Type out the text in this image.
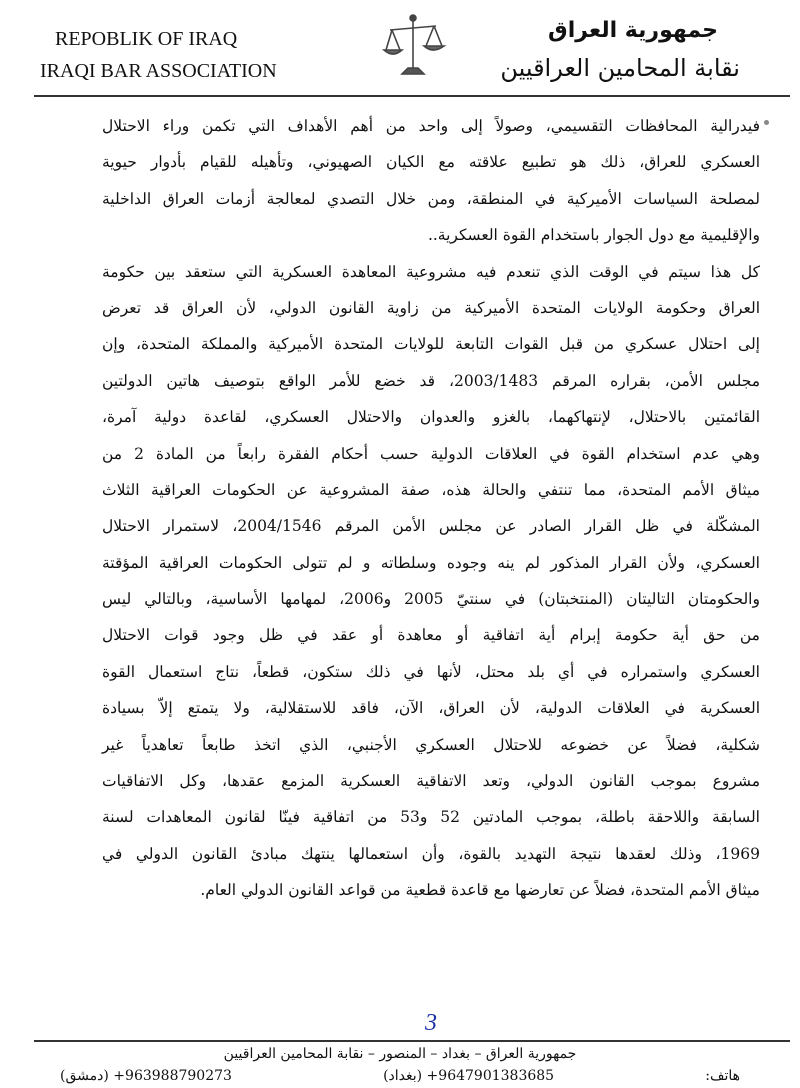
REPOBLIK OF IRAQ
IRAQI BAR ASSOCIATION
جمهورية العراق
نقابة المحامين العراقيين
فيدرالية المحافظات التقسيمي، وصولاً إلى واحد من أهم الأهداف التي تكمن وراء الاحتلال
العسكري للعراق، ذلك هو تطبيع علاقته مع الكيان الصهيوني، وتأهيله للقيام بأدوار حيوية
لمصلحة السياسات الأميركية في المنطقة، ومن خلال التصدي لمعالجة أزمات العراق الداخلية
والإقليمية مع دول الجوار باستخدام القوة العسكرية..
كل هذا سيتم في الوقت الذي تنعدم فيه مشروعية المعاهدة العسكرية التي ستعقد بين حكومة
العراق وحكومة الولايات المتحدة الأميركية من زاوية القانون الدولي، لأن العراق قد تعرض
إلى احتلال عسكري من قبل القوات التابعة للولايات المتحدة الأميركية والمملكة المتحدة، وإن
مجلس الأمن، بقراره المرقم 2003/1483، قد خضع للأمر الواقع بتوصيف هاتين الدولتين
القائمتين بالاحتلال، لإنتهاكهما، بالغزو والعدوان والاحتلال العسكري، لقاعدة دولية آمرة،
وهي عدم استخدام القوة في العلاقات الدولية حسب أحكام الفقرة رابعاً من المادة 2 من
ميثاق الأمم المتحدة، مما تنتفي والحالة هذه، صفة المشروعية عن الحكومات العراقية الثلاث
المشكّلة في ظل القرار الصادر عن مجلس الأمن المرقم 2004/1546، لاستمرار الاحتلال
العسكري، ولأن القرار المذكور لم ينه وجوده وسلطاته و لم تتولى الحكومات العراقية المؤقتة
والحكومتان التاليتان (المنتخبتان) في سنتيّ 2005 و2006، لمهامها الأساسية، وبالتالي ليس
من حق أية حكومة إبرام أية اتفاقية أو معاهدة أو عقد في ظل وجود قوات الاحتلال
العسكري واستمراره في أي بلد محتل، لأنها في ذلك ستكون، قطعاً، نتاج استعمال القوة
العسكرية في العلاقات الدولية، لأن العراق، الآن، فاقد للاستقلالية، ولا يتمتع إلاّ بسيادة
شكلية، فضلاً عن خضوعه للاحتلال العسكري الأجنبي، الذي اتخذ طابعاً تعاهدياً غير
مشروع بموجب القانون الدولي، وتعد الاتفاقية العسكرية المزمع عقدها، وكل الاتفاقيات
السابقة واللاحقة باطلة، بموجب المادتين 52 و53 من اتفاقية فينّا لقانون المعاهدات لسنة
1969، وذلك لعقدها نتيجة التهديد بالقوة، وأن استعمالها ينتهك مبادئ القانون الدولي في
ميثاق الأمم المتحدة، فضلاً عن تعارضها مع قاعدة قطعية من قواعد القانون الدولي العام.
3
جمهورية العراق – بغداد – المنصور – نقابة المحامين العراقيين
هاتف:
9647901383685+ (بغداد)
963988790273+ (دمشق)
